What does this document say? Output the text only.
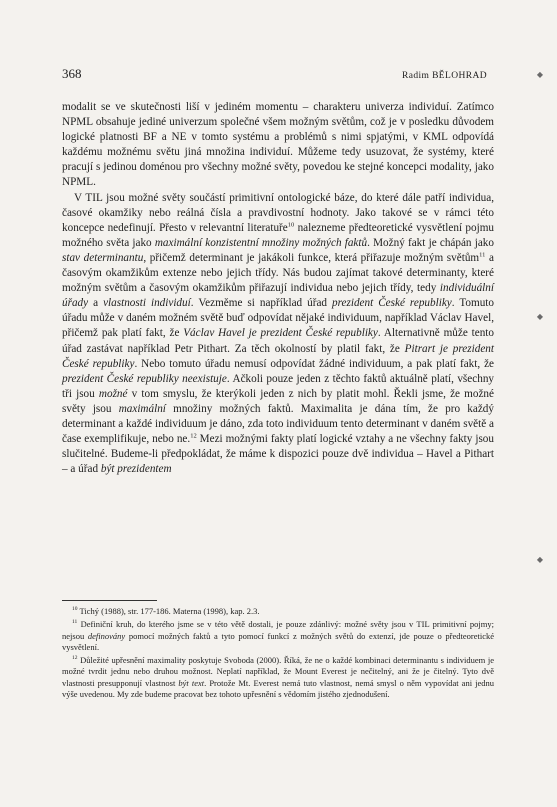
368	Radim BĚLOHRAD

modalit se ve skutečnosti liší v jediném momentu – charakteru univerza individuí. Zatímco NPML obsahuje jediné univerzum společné všem možným světům, což je v posledku důvodem logické platnosti BF a NE v tomto systému a problémů s nimi spjatými, v KML odpovídá každému možnému světu jiná množina individuí. Můžeme tedy usuzovat, že systémy, které pracují s jedinou doménou pro všechny možné světy, povedou ke stejné koncepci modality, jako NPML.

V TIL jsou možné světy součástí primitivní ontologické báze, do které dále patří individua, časové okamžiky nebo reálná čísla a pravdivostní hodnoty. Jako takové se v rámci této koncepce nedefinují. Přesto v relevantní literatuře$^{10}$ nalezneme předteoretické vysvětlení pojmu možného světa jako maximální konzistentní množiny možných faktů. Možný fakt je chápán jako stav determinantu, přičemž determinant je jakákoli funkce, která přiřazuje možným světům$^{11}$ a časovým okamžikům extenze nebo jejich třídy. Nás budou zajímat takové determinanty, které možným světům a časovým okamžikům přiřazují individua nebo jejich třídy, tedy individuální úřady a vlastnosti individuí. Vezměme si například úřad prezident České republiky. Tomuto úřadu může v daném možném světě buď odpovídat nějaké individuum, například Václav Havel, přičemž pak platí fakt, že Václav Havel je prezident České republiky. Alternativně může tento úřad zastávat například Petr Pithart. Za těch okolností by platil fakt, že Pitrart je prezident České republiky. Nebo tomuto úřadu nemusí odpovídat žádné individuum, a pak platí fakt, že prezident České republiky neexistuje. Ačkoli pouze jeden z těchto faktů aktuálně platí, všechny tři jsou možné v tom smyslu, že kterýkoli jeden z nich by platit mohl. Řekli jsme, že možné světy jsou maximální množiny možných faktů. Maximalita je dána tím, že pro každý determinant a každé individuum je dáno, zda toto individuum tento determinant v daném světě a čase exemplifikuje, nebo ne.$^{12}$ Mezi možnými fakty platí logické vztahy a ne všechny fakty jsou slučitelné. Budeme-li předpokládat, že máme k dispozici pouze dvě individua – Havel a Pithart – a úřad být prezidentem

$^{10}$ Tichý (1988), str. 177-186. Materna (1998), kap. 2.3.

$^{11}$ Definiční kruh, do kterého jsme se v této větě dostali, je pouze zdánlivý: možné světy jsou v TIL primitivní pojmy; nejsou definovány pomocí možných faktů a tyto pomocí funkcí z možných světů do extenzí, jde pouze o předteoretické vysvětlení.

$^{12}$ Důležité upřesnění maximality poskytuje Svoboda (2000). Říká, že ne o každé kombinaci determinantu s individuem je možné tvrdit jednu nebo druhou možnost. Neplatí například, že Mount Everest je nečitelný, ani že je čitelný. Tyto dvě vlastnosti presupponují vlastnost být text. Protože Mt. Everest nemá tuto vlastnost, nemá smysl o něm vypovídat ani jednu výše uvedenou. My zde budeme pracovat bez tohoto upřesnění s vědomím jistého zjednodušení.

◆
◆
◆
